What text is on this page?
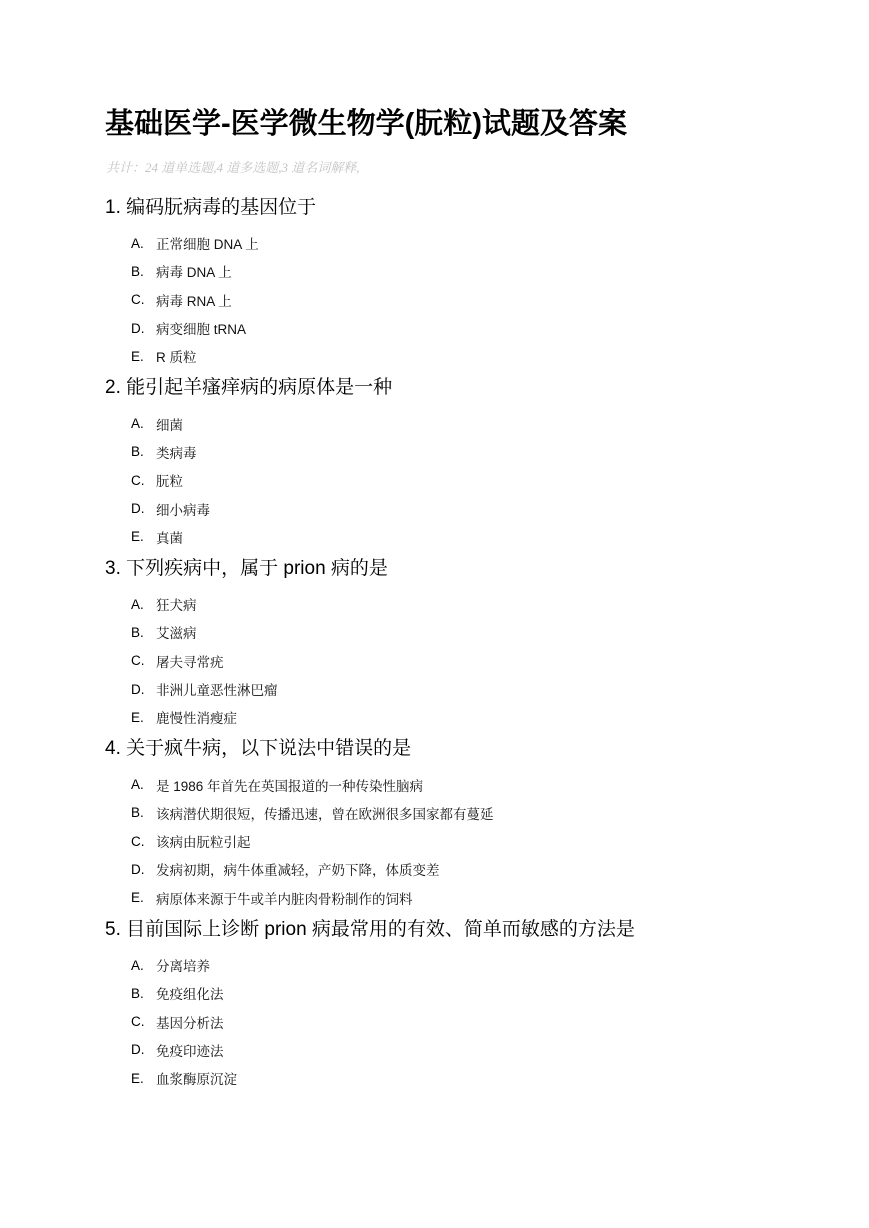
基础医学-医学微生物学(朊粒)试题及答案

共计：24 道单选题,4 道多选题,3 道名词解释,

1. 编码朊病毒的基因位于

A. 正常细胞 DNA 上
B. 病毒 DNA 上
C. 病毒 RNA 上
D. 病变细胞 tRNA
E. R 质粒

2. 能引起羊瘙痒病的病原体是一种

A. 细菌
B. 类病毒
C. 朊粒
D. 细小病毒
E. 真菌

3. 下列疾病中，属于 prion 病的是

A. 狂犬病
B. 艾滋病
C. 屠夫寻常疣
D. 非洲儿童恶性淋巴瘤
E. 鹿慢性消瘦症

4. 关于疯牛病，以下说法中错误的是

A. 是 1986 年首先在英国报道的一种传染性脑病
B. 该病潜伏期很短，传播迅速，曾在欧洲很多国家都有蔓延
C. 该病由朊粒引起
D. 发病初期，病牛体重减轻，产奶下降，体质变差
E. 病原体来源于牛或羊内脏肉骨粉制作的饲料

5. 目前国际上诊断 prion 病最常用的有效、简单而敏感的方法是

A. 分离培养
B. 免疫组化法
C. 基因分析法
D. 免疫印迹法
E. 血浆酶原沉淀
